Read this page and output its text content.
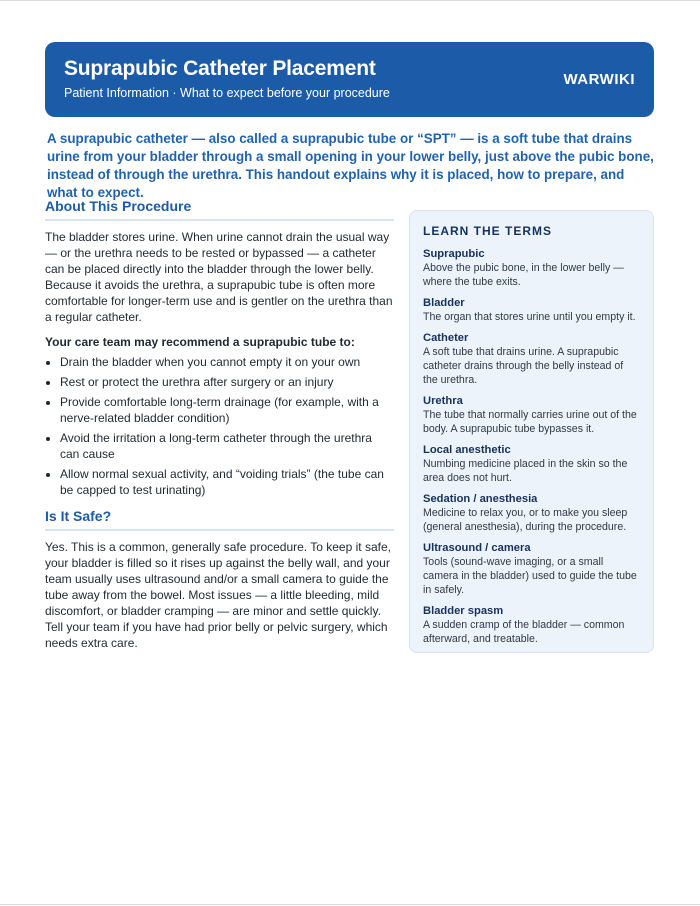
Suprapubic Catheter Placement
Patient Information · What to expect before your procedure
WARWIKI

A suprapubic catheter — also called a suprapubic tube or “SPT” — is a soft tube that drains urine from your bladder through a small opening in your lower belly, just above the pubic bone, instead of through the urethra. This handout explains why it is placed, how to prepare, and what to expect.

About This Procedure

The bladder stores urine. When urine cannot drain the usual way — or the urethra needs to be rested or bypassed — a catheter can be placed directly into the bladder through the lower belly. Because it avoids the urethra, a suprapubic tube is often more comfortable for longer-term use and is gentler on the urethra than a regular catheter.

Your care team may recommend a suprapubic tube to:

• Drain the bladder when you cannot empty it on your own
• Rest or protect the urethra after surgery or an injury
• Provide comfortable long-term drainage (for example, with a nerve-related bladder condition)
• Avoid the irritation a long-term catheter through the urethra can cause
• Allow normal sexual activity, and “voiding trials” (the tube can be capped to test urinating)
Is It Safe?

Yes. This is a common, generally safe procedure. To keep it safe, your bladder is filled so it rises up against the belly wall, and your team usually uses ultrasound and/or a small camera to guide the tube away from the bowel. Most issues — a little bleeding, mild discomfort, or bladder cramping — are minor and settle quickly. Tell your team if you have had prior belly or pelvic surgery, which needs extra care.

LEARN THE TERMS
Suprapubic
Above the pubic bone, in the lower belly — where the tube exits.
Bladder
The organ that stores urine until you empty it.
Catheter
A soft tube that drains urine. A suprapubic catheter drains through the belly instead of the urethra.
Urethra
The tube that normally carries urine out of the body. A suprapubic tube bypasses it.
Local anesthetic
Numbing medicine placed in the skin so the area does not hurt.
Sedation / anesthesia
Medicine to relax you, or to make you sleep (general anesthesia), during the procedure.
Ultrasound / camera
Tools (sound-wave imaging, or a small camera in the bladder) used to guide the tube in safely.
Bladder spasm
A sudden cramp of the bladder — common afterward, and treatable.
